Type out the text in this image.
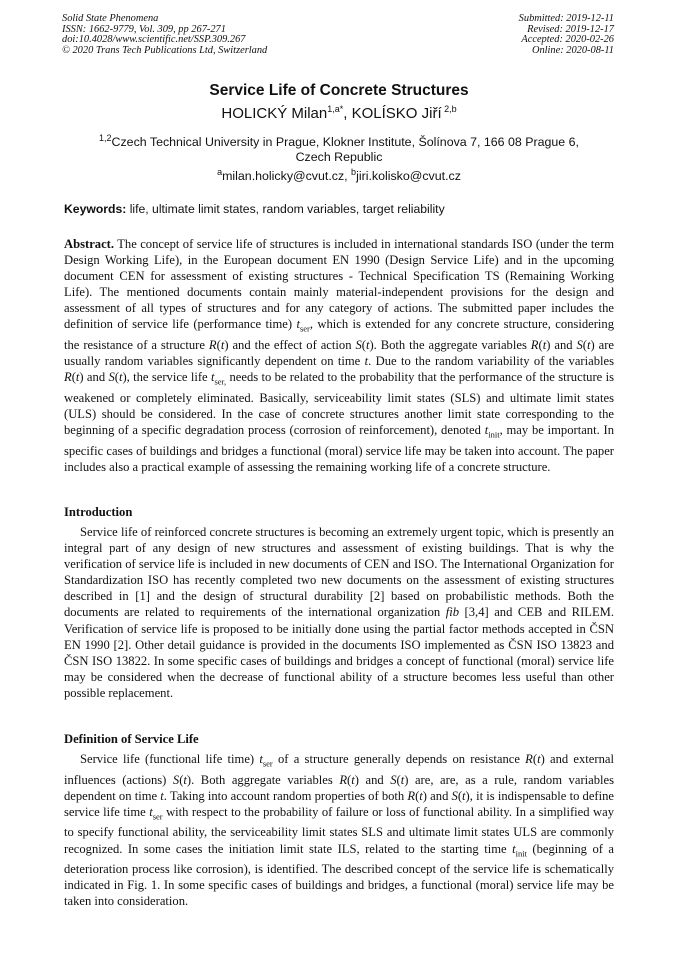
Solid State Phenomena
ISSN: 1662-9779, Vol. 309, pp 267-271
doi:10.4028/www.scientific.net/SSP.309.267
© 2020 Trans Tech Publications Ltd, Switzerland
Submitted: 2019-12-11
Revised: 2019-12-17
Accepted: 2020-02-26
Online: 2020-08-11
Service Life of Concrete Structures
HOLICKÝ Milan$^{1,a*}$, KOLÍSKO Jiří $^{2,b}$
$^{1,2}$Czech Technical University in Prague, Klokner Institute, Šolínova 7, 166 08 Prague 6, Czech Republic
$^a$milan.holicky@cvut.cz, $^b$jiri.kolisko@cvut.cz
Keywords: life, ultimate limit states, random variables, target reliability
Abstract. The concept of service life of structures is included in international standards ISO (under the term Design Working Life), in the European document EN 1990 (Design Service Life) and in the upcoming document CEN for assessment of existing structures - Technical Specification TS (Remaining Working Life). The mentioned documents contain mainly material-independent provisions for the design and assessment of all types of structures and for any category of actions. The submitted paper includes the definition of service life (performance time) $t_{ser}$, which is extended for any concrete structure, considering the resistance of a structure R(t) and the effect of action S(t). Both the aggregate variables R(t) and S(t) are usually random variables significantly dependent on time t. Due to the random variability of the variables R(t) and S(t), the service life $t_{ser,}$ needs to be related to the probability that the performance of the structure is weakened or completely eliminated. Basically, serviceability limit states (SLS) and ultimate limit states (ULS) should be considered. In the case of concrete structures another limit state corresponding to the beginning of a specific degradation process (corrosion of reinforcement), denoted $t_{init}$, may be important. In specific cases of buildings and bridges a functional (moral) service life may be taken into account. The paper includes also a practical example of assessing the remaining working life of a concrete structure.
Introduction
Service life of reinforced concrete structures is becoming an extremely urgent topic, which is presently an integral part of any design of new structures and assessment of existing buildings. That is why the verification of service life is included in new documents of CEN and ISO. The International Organization for Standardization ISO has recently completed two new documents on the assessment of existing structures described in [1] and the design of structural durability [2] based on probabilistic methods. Both the documents are related to requirements of the international organization fib [3,4] and CEB and RILEM. Verification of service life is proposed to be initially done using the partial factor methods accepted in ČSN EN 1990 [2]. Other detail guidance is provided in the documents ISO implemented as ČSN ISO 13823 and ČSN ISO 13822. In some specific cases of buildings and bridges a concept of functional (moral) service life may be considered when the decrease of functional ability of a structure becomes less useful than other possible replacement.
Definition of Service Life
Service life (functional life time) $t_{ser}$ of a structure generally depends on resistance R(t) and external influences (actions) S(t). Both aggregate variables R(t) and S(t) are, are, as a rule, random variables dependent on time t. Taking into account random properties of both R(t) and S(t), it is indispensable to define service life time $t_{ser}$ with respect to the probability of failure or loss of functional ability. In a simplified way to specify functional ability, the serviceability limit states SLS and ultimate limit states ULS are commonly recognized. In some cases the initiation limit state ILS, related to the starting time $t_{init}$ (beginning of a deterioration process like corrosion), is identified. The described concept of the service life is schematically indicated in Fig. 1. In some specific cases of buildings and bridges, a functional (moral) service life may be taken into consideration.
